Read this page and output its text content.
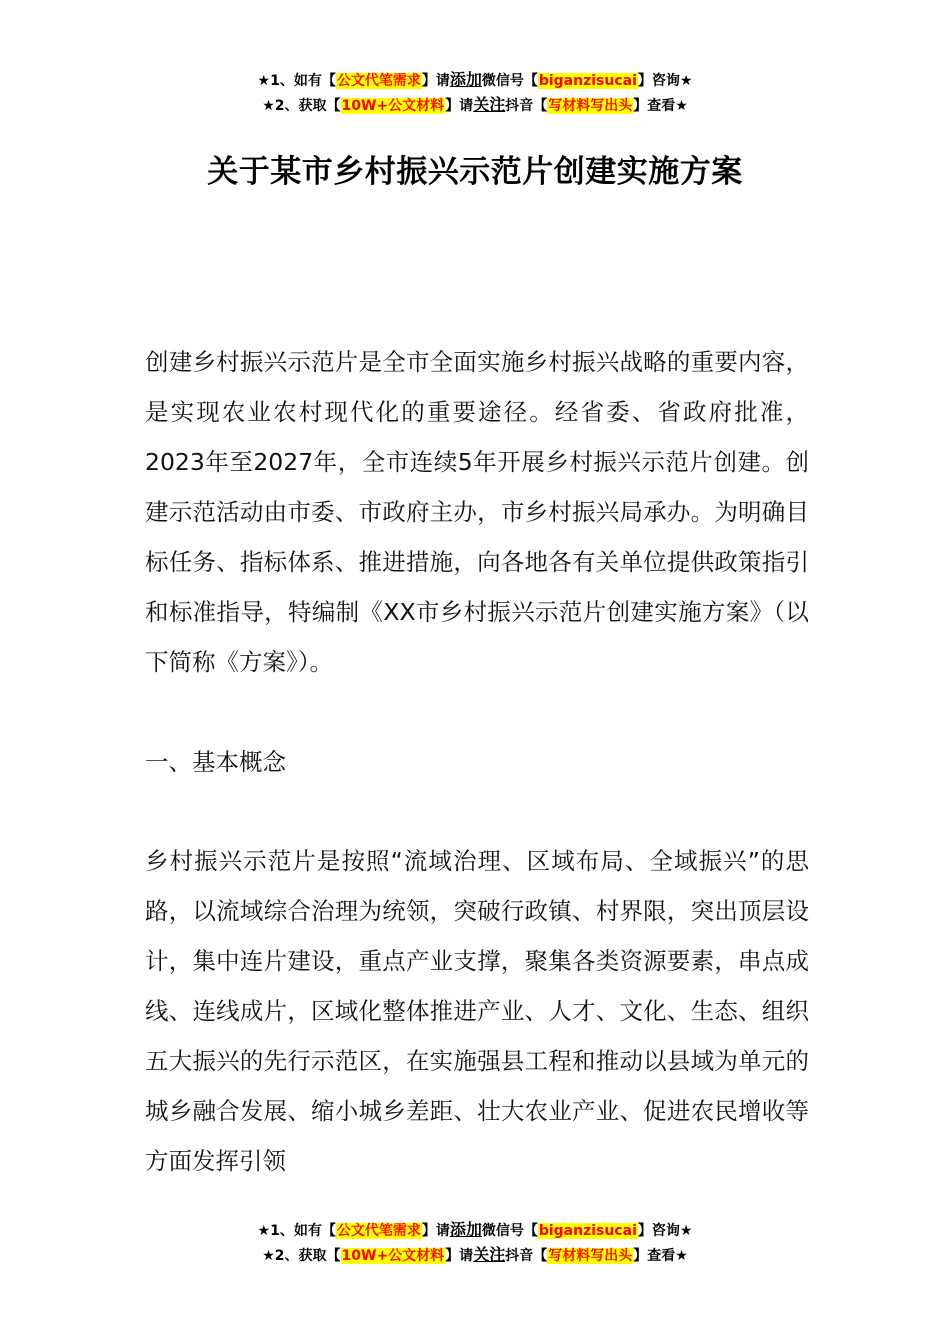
★1、如有【公文代笔需求】请添加微信号【biganzisucai】咨询★
★2、获取【10W+公文材料】请关注抖音【写材料写出头】查看★
关于某市乡村振兴示范片创建实施方案
创建乡村振兴示范片是全市全面实施乡村振兴战略的重要内容，是实现农业农村现代化的重要途径。经省委、省政府批准，2023年至2027年，全市连续5年开展乡村振兴示范片创建。创建示范活动由市委、市政府主办，市乡村振兴局承办。为明确目标任务、指标体系、推进措施，向各地各有关单位提供政策指引和标准指导，特编制《XX市乡村振兴示范片创建实施方案》（以下简称《方案》）。
一、基本概念
乡村振兴示范片是按照“流域治理、区域布局、全域振兴”的思路，以流域综合治理为统领，突破行政镇、村界限，突出顶层设计，集中连片建设，重点产业支撑，聚集各类资源要素，串点成线、连线成片，区域化整体推进产业、人才、文化、生态、组织五大振兴的先行示范区，在实施强县工程和推动以县域为单元的城乡融合发展、缩小城乡差距、壮大农业产业、促进农民增收等方面发挥引领
★1、如有【公文代笔需求】请添加微信号【biganzisucai】咨询★
★2、获取【10W+公文材料】请关注抖音【写材料写出头】查看★
